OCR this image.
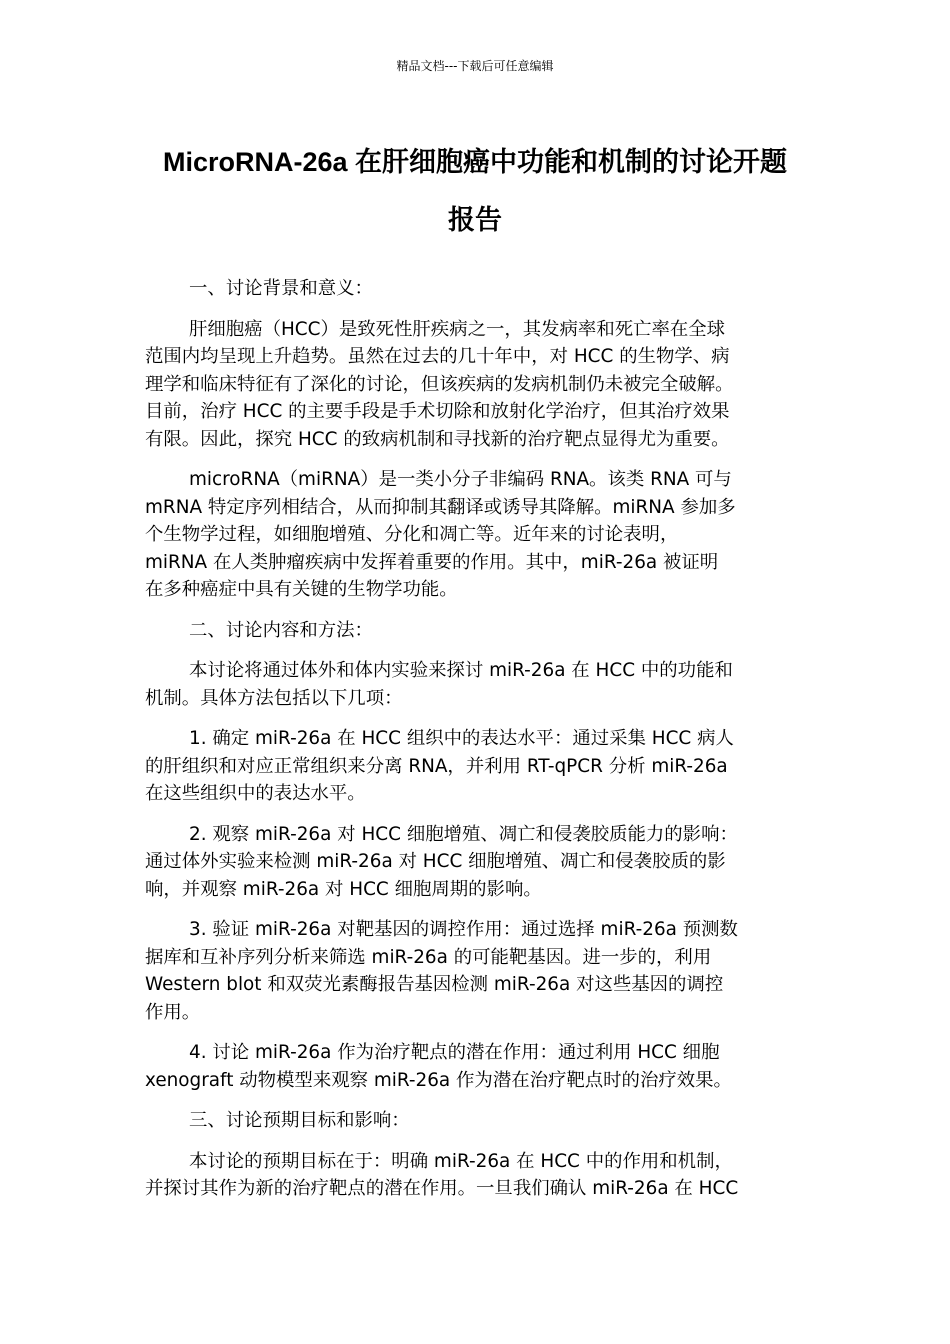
精品文档---下载后可任意编辑
MicroRNA-26a 在肝细胞癌中功能和机制的讨论开题
报告

一、讨论背景和意义：

肝细胞癌（HCC）是致死性肝疾病之一，其发病率和死亡率在全球
范围内均呈现上升趋势。虽然在过去的几十年中，对 HCC 的生物学、病
理学和临床特征有了深化的讨论，但该疾病的发病机制仍未被完全破解。
目前，治疗 HCC 的主要手段是手术切除和放射化学治疗，但其治疗效果
有限。因此，探究 HCC 的致病机制和寻找新的治疗靶点显得尤为重要。

microRNA（miRNA）是一类小分子非编码 RNA。该类 RNA 可与
mRNA 特定序列相结合，从而抑制其翻译或诱导其降解。miRNA 参加多
个生物学过程，如细胞增殖、分化和凋亡等。近年来的讨论表明，
miRNA 在人类肿瘤疾病中发挥着重要的作用。其中，miR-26a 被证明
在多种癌症中具有关键的生物学功能。

二、讨论内容和方法：

本讨论将通过体外和体内实验来探讨 miR-26a 在 HCC 中的功能和
机制。具体方法包括以下几项：

1. 确定 miR-26a 在 HCC 组织中的表达水平：通过采集 HCC 病人
的肝组织和对应正常组织来分离 RNA，并利用 RT-qPCR 分析 miR-26a
在这些组织中的表达水平。

2. 观察 miR-26a 对 HCC 细胞增殖、凋亡和侵袭胶质能力的影响：
通过体外实验来检测 miR-26a 对 HCC 细胞增殖、凋亡和侵袭胶质的影
响，并观察 miR-26a 对 HCC 细胞周期的影响。

3. 验证 miR-26a 对靶基因的调控作用：通过选择 miR-26a 预测数
据库和互补序列分析来筛选 miR-26a 的可能靶基因。进一步的，利用
Western blot 和双荧光素酶报告基因检测 miR-26a 对这些基因的调控
作用。

4. 讨论 miR-26a 作为治疗靶点的潜在作用：通过利用 HCC 细胞
xenograft 动物模型来观察 miR-26a 作为潜在治疗靶点时的治疗效果。

三、讨论预期目标和影响：

本讨论的预期目标在于：明确 miR-26a 在 HCC 中的作用和机制，
并探讨其作为新的治疗靶点的潜在作用。一旦我们确认 miR-26a 在 HCC
